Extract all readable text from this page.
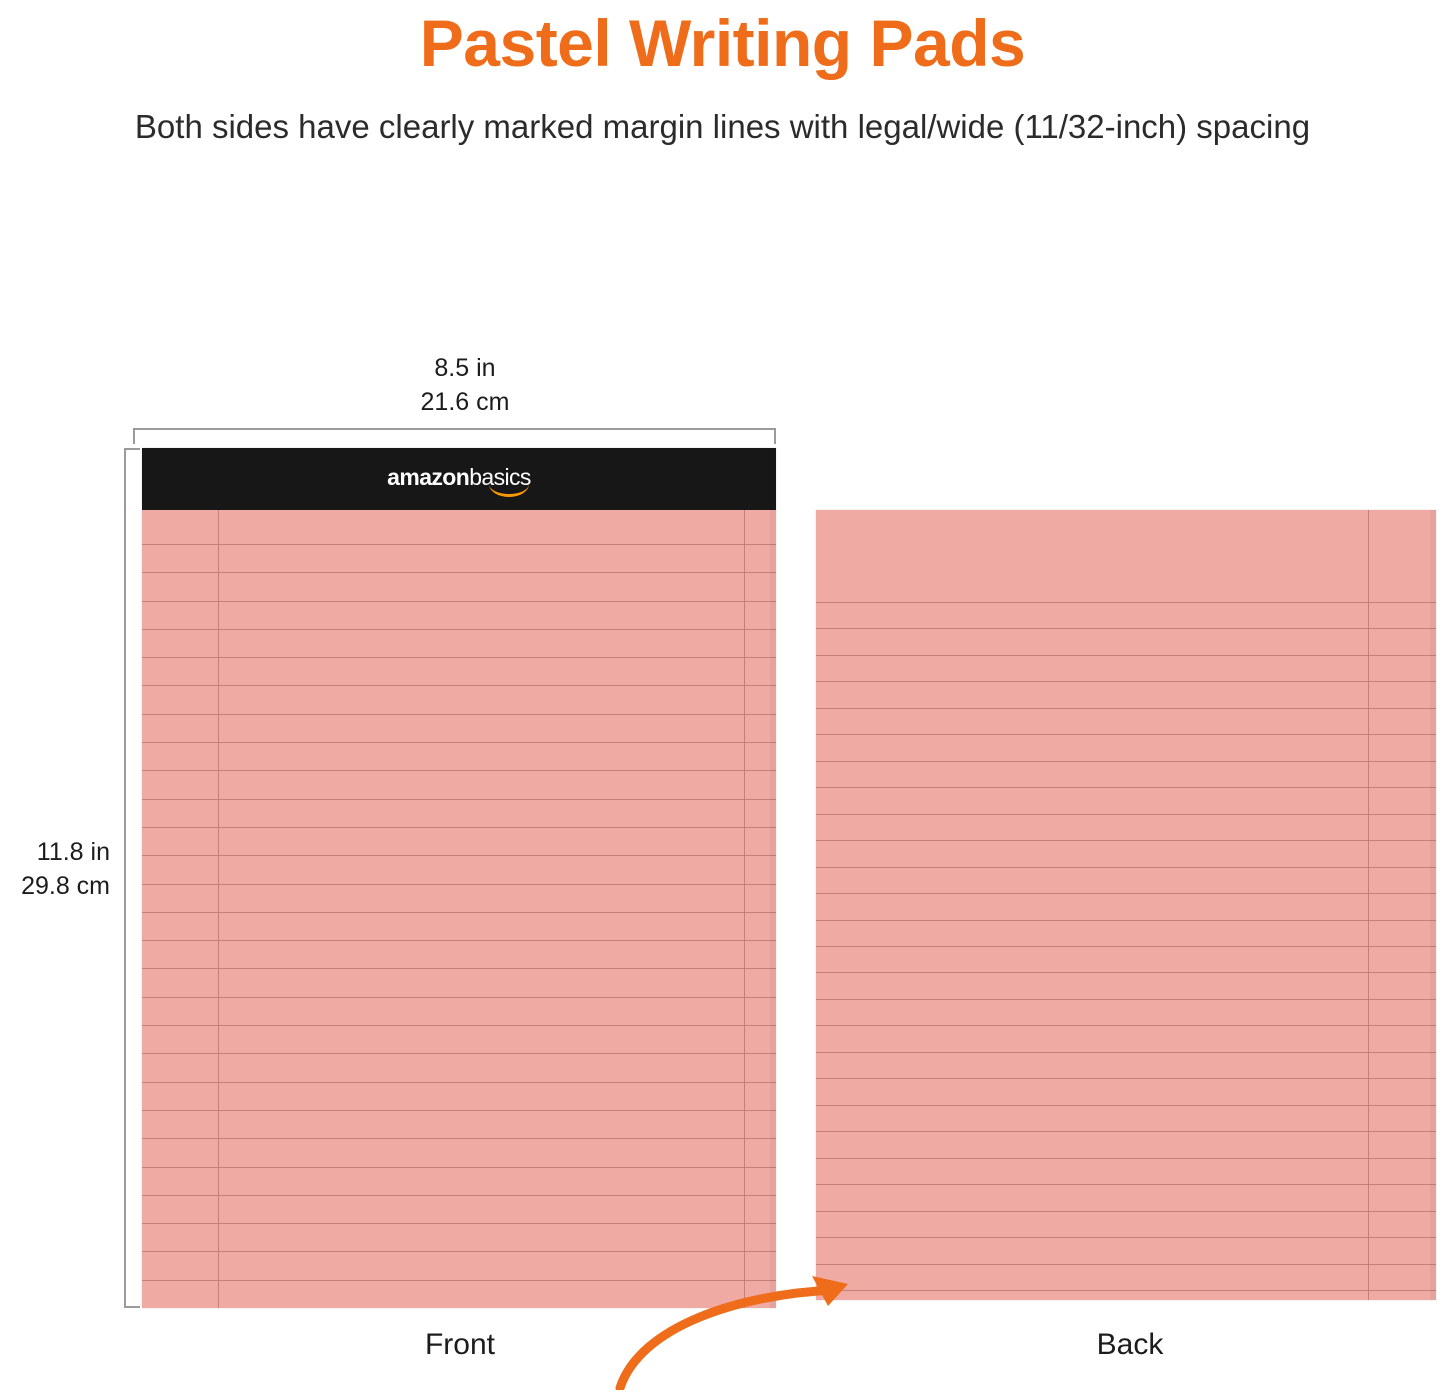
Pastel Writing Pads

Both sides have clearly marked margin lines with legal/wide (11/32-inch) spacing

8.5 in
21.6 cm
11.8 in
29.8 cm
amazonbasics
Front	Back
